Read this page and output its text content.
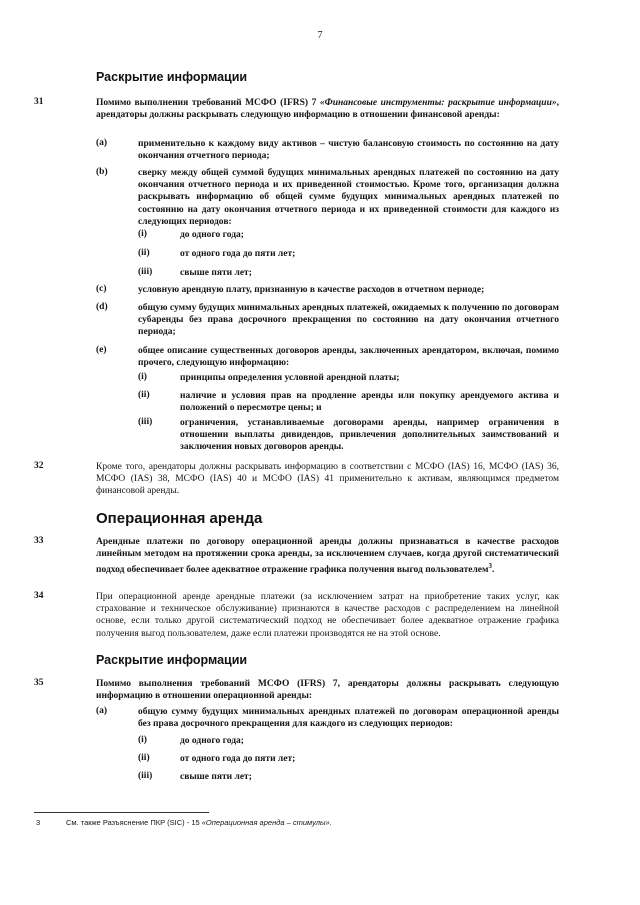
7
Раскрытие информации
31	Помимо выполнения требований МСФО (IFRS) 7 «Финансовые инструменты: раскрытие информации», арендаторы должны раскрывать следующую информацию в отношении финансовой аренды:
(a)	применительно к каждому виду активов – чистую балансовую стоимость по состоянию на дату окончания отчетного периода;
(b)	сверку между общей суммой будущих минимальных арендных платежей по состоянию на дату окончания отчетного периода и их приведенной стоимостью. Кроме того, организация должна раскрывать информацию об общей сумме будущих минимальных арендных платежей по состоянию на дату окончания отчетного периода и их приведенной стоимости для каждого из следующих периодов:
(i)	до одного года;
(ii)	от одного года до пяти лет;
(iii)	свыше пяти лет;
(c)	условную арендную плату, признанную в качестве расходов в отчетном периоде;
(d)	общую сумму будущих минимальных арендных платежей, ожидаемых к получению по договорам субаренды без права досрочного прекращения по состоянию на дату окончания отчетного периода;
(e)	общее описание существенных договоров аренды, заключенных арендатором, включая, помимо прочего, следующую информацию:
(i)	принципы определения условной арендной платы;
(ii)	наличие и условия прав на продление аренды или покупку арендуемого актива и положений о пересмотре цены; и
(iii)	ограничения, устанавливаемые договорами аренды, например ограничения в отношении выплаты дивидендов, привлечения дополнительных заимствований и заключения новых договоров аренды.
32	Кроме того, арендаторы должны раскрывать информацию в соответствии с МСФО (IAS) 16, МСФО (IAS) 36, МСФО (IAS) 38, МСФО (IAS) 40 и МСФО (IAS) 41 применительно к активам, являющимся предметом финансовой аренды.
Операционная аренда
33	Арендные платежи по договору операционной аренды должны признаваться в качестве расходов линейным методом на протяжении срока аренды, за исключением случаев, когда другой систематический подход обеспечивает более адекватное отражение графика получения выгод пользователем$^3$.
34	При операционной аренде арендные платежи (за исключением затрат на приобретение таких услуг, как страхование и техническое обслуживание) признаются в качестве расходов с распределением на линейной основе, если только другой систематический подход не обеспечивает более адекватное отражение графика получения выгод пользователем, даже если платежи производятся не на этой основе.
Раскрытие информации
35	Помимо выполнения требований МСФО (IFRS) 7, арендаторы должны раскрывать следующую информацию в отношении операционной аренды:
(a)	общую сумму будущих минимальных арендных платежей по договорам операционной аренды без права досрочного прекращения для каждого из следующих периодов:
(i)	до одного года;
(ii)	от одного года до пяти лет;
(iii)	свыше пяти лет;
3	См. также Разъяснение ПКР (SIC) - 15 «Операционная аренда – стимулы».
